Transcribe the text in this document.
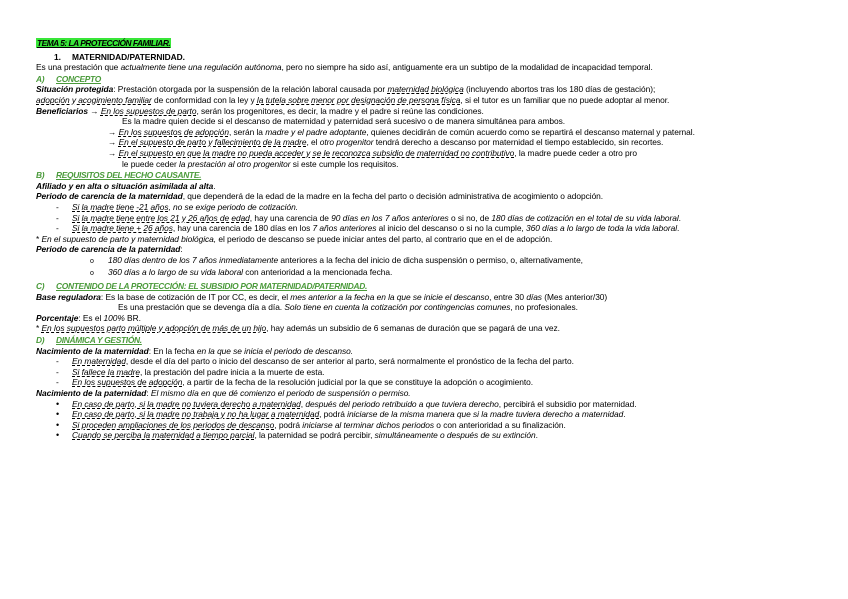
TEMA 5: LA PROTECCIÓN FAMILIAR.
1. MATERNIDAD/PATERNIDAD.
Es una prestación que actualmente tiene una regulación autónoma, pero no siempre ha sido así, antiguamente era un subtipo de la modalidad de incapacidad temporal.
A) CONCEPTO
Situación protegida: Prestación otorgada por la suspensión de la relación laboral causada por maternidad biológica (incluyendo abortos tras los 180 días de gestación);
adopción y acogimiento familiar de conformidad con la ley y la tutela sobre menor por designación de persona física, si el tutor es un familiar que no puede adoptar al menor.
Beneficiarios → En los supuestos de parto, serán los progenitores, es decir, la madre y el padre si reúne las condiciones.
Es la madre quien decide si el descanso de maternidad y paternidad será sucesivo o de manera simultánea para ambos.
→ En los supuestos de adopción, serán la madre y el padre adoptante, quienes decidirán de común acuerdo como se repartirá el descanso maternal y paternal.
→ En el supuesto de parto y fallecimiento de la madre, el otro progenitor tendrá derecho a descanso por maternidad el tiempo establecido, sin recortes.
→ En el supuesto en que la madre no pueda acceder y se le reconozca subsidio de maternidad no contributivo, la madre puede ceder a otro pro
le puede ceder la prestación al otro progenitor si este cumple los requisitos.
B) REQUISITOS DEL HECHO CAUSANTE.
Afiliado y en alta o situación asimilada al alta.
Periodo de carencia de la maternidad, que dependerá de la edad de la madre en la fecha del parto o decisión administrativa de acogimiento o adopción.
- Si la madre tiene -21 años, no se exige periodo de cotización.
- Si la madre tiene entre los 21 y 26 años de edad, hay una carencia de 90 días en los 7 años anteriores o si no, de 180 días de cotización en el total de su vida laboral.
- Si la madre tiene + 26 años, hay una carencia de 180 días en los 7 años anteriores al inicio del descanso o si no la cumple, 360 días a lo largo de toda la vida laboral.
* En el supuesto de parto y maternidad biológica, el periodo de descanso se puede iniciar antes del parto, al contrario que en el de adopción.
Periodo de carencia de la paternidad:
o 180 días dentro de los 7 años inmediatamente anteriores a la fecha del inicio de dicha suspensión o permiso, o, alternativamente,
o 360 días a lo largo de su vida laboral con anterioridad a la mencionada fecha.
C) CONTENIDO DE LA PROTECCIÓN: EL SUBSIDIO POR MATERNIDAD/PATERNIDAD.
Base reguladora: Es la base de cotización de IT por CC, es decir, el mes anterior a la fecha en la que se inicie el descanso, entre 30 días (Mes anterior/30)
Es una prestación que se devenga día a día. Solo tiene en cuenta la cotización por contingencias comunes, no profesionales.
Porcentaje: Es el 100% BR.
* En los supuestos parto múltiple y adopción de más de un hijo, hay además un subsidio de 6 semanas de duración que se pagará de una vez.
D) DINÁMICA Y GESTIÓN.
Nacimiento de la maternidad: En la fecha en la que se inicia el periodo de descanso.
- En maternidad, desde el día del parto o inicio del descanso de ser anterior al parto, será normalmente el pronóstico de la fecha del parto.
- Si fallece la madre, la prestación del padre inicia a la muerte de esta.
- En los supuestos de adopción, a partir de la fecha de la resolución judicial por la que se constituye la adopción o acogimiento.
Nacimiento de la paternidad: El mismo día en que dé comienzo el periodo de suspensión o permiso.
• En caso de parto, si la madre no tuviera derecho a maternidad, después del periodo retribuido a que tuviera derecho, percibirá el subsidio por maternidad.
• En caso de parto, si la madre no trabaja y no ha lugar a maternidad, podrá iniciarse de la misma manera que si la madre tuviera derecho a maternidad.
• Si proceden ampliaciones de los periodos de descanso, podrá iniciarse al terminar dichos periodos o con anterioridad a su finalización.
• Cuando se perciba la maternidad a tiempo parcial, la paternidad se podrá percibir, simultáneamente o después de su extinción.
